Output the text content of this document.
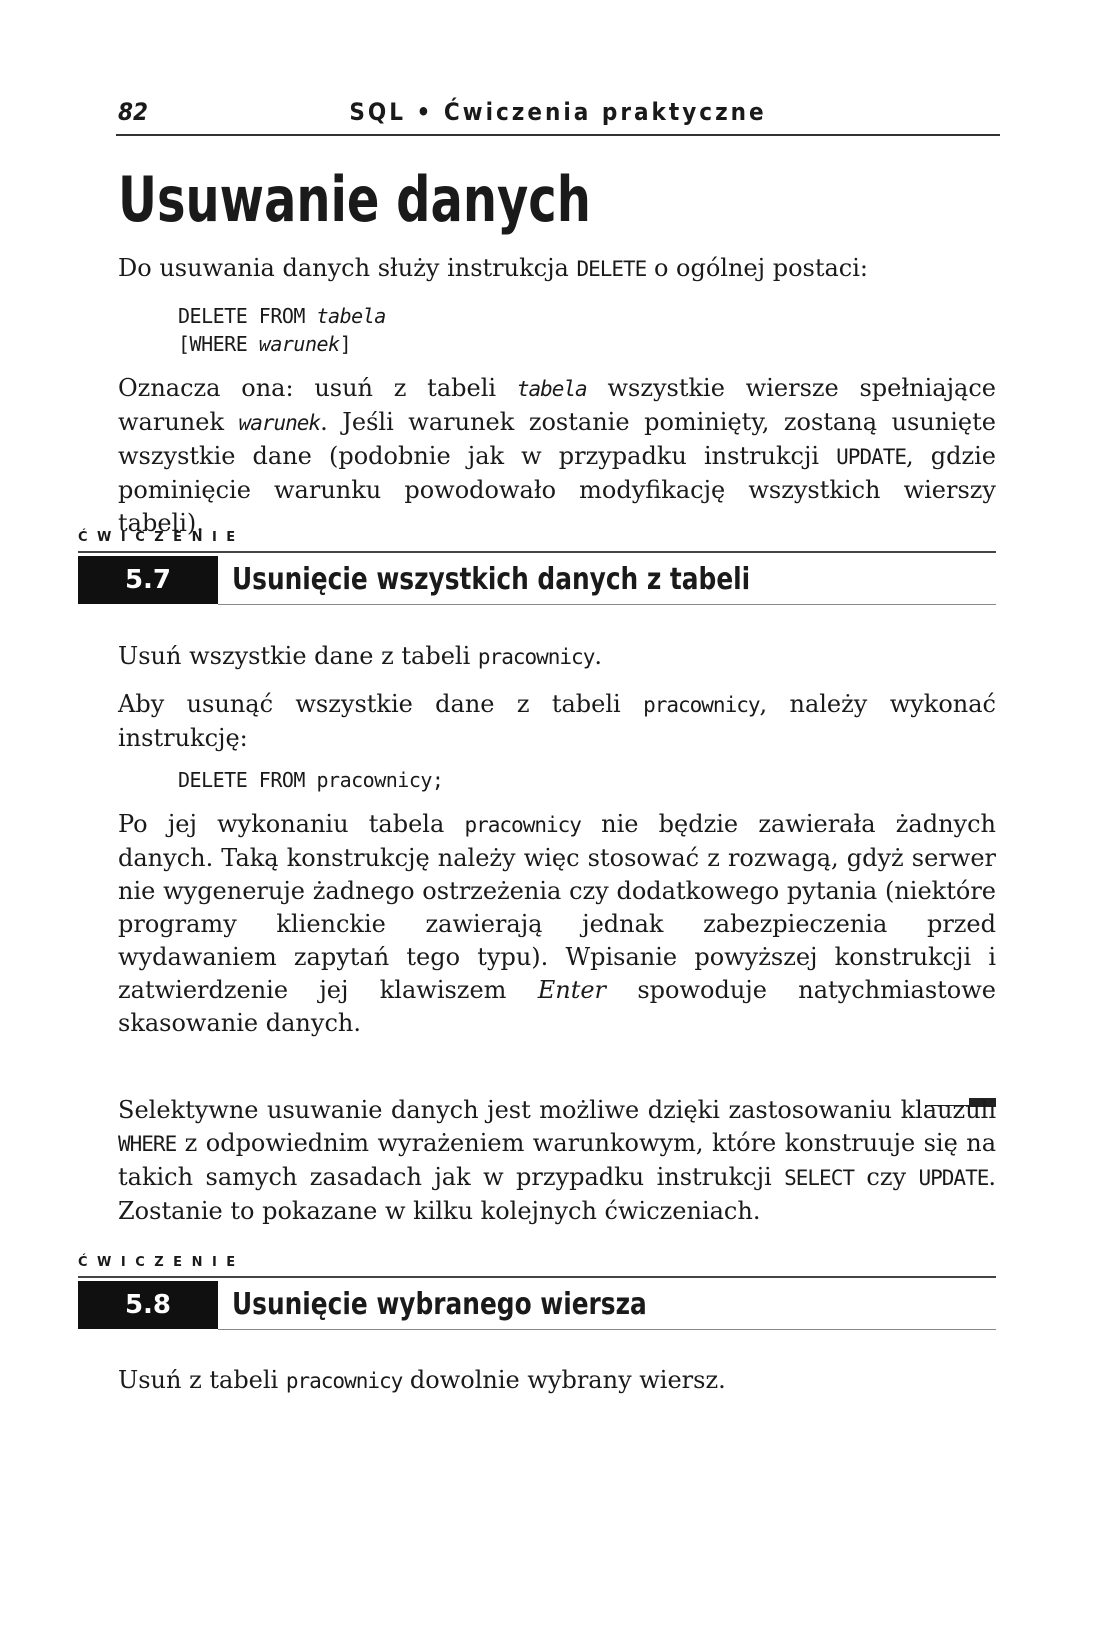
82	SQL • Ćwiczenia praktyczne
Usuwanie danych

Do usuwania danych służy instrukcja DELETE o ogólnej postaci:

DELETE FROM tabela
[WHERE warunek]

Oznacza ona: usuń z tabeli tabela wszystkie wiersze spełniające warunek warunek. Jeśli warunek zostanie pominięty, zostaną usunięte wszystkie dane (podobnie jak w przypadku instrukcji UPDATE, gdzie pominięcie warunku powodowało modyfikację wszystkich wierszy tabeli).

ĆWICZENIE
5.7	Usunięcie wszystkich danych z tabeli

Usuń wszystkie dane z tabeli pracownicy.

Aby usunąć wszystkie dane z tabeli pracownicy, należy wykonać instrukcję:

DELETE FROM pracownicy;

Po jej wykonaniu tabela pracownicy nie będzie zawierała żadnych danych. Taką konstrukcję należy więc stosować z rozwagą, gdyż serwer nie wygeneruje żadnego ostrzeżenia czy dodatkowego pytania (niektóre programy klienckie zawierają jednak zabezpieczenia przed wydawaniem zapytań tego typu). Wpisanie powyższej konstrukcji i zatwierdzenie jej klawiszem Enter spowoduje natychmiastowe skasowanie danych.

Selektywne usuwanie danych jest możliwe dzięki zastosowaniu klauzuli WHERE z odpowiednim wyrażeniem warunkowym, które konstruuje się na takich samych zasadach jak w przypadku instrukcji SELECT czy UPDATE. Zostanie to pokazane w kilku kolejnych ćwiczeniach.

ĆWICZENIE
5.8	Usunięcie wybranego wiersza

Usuń z tabeli pracownicy dowolnie wybrany wiersz.
